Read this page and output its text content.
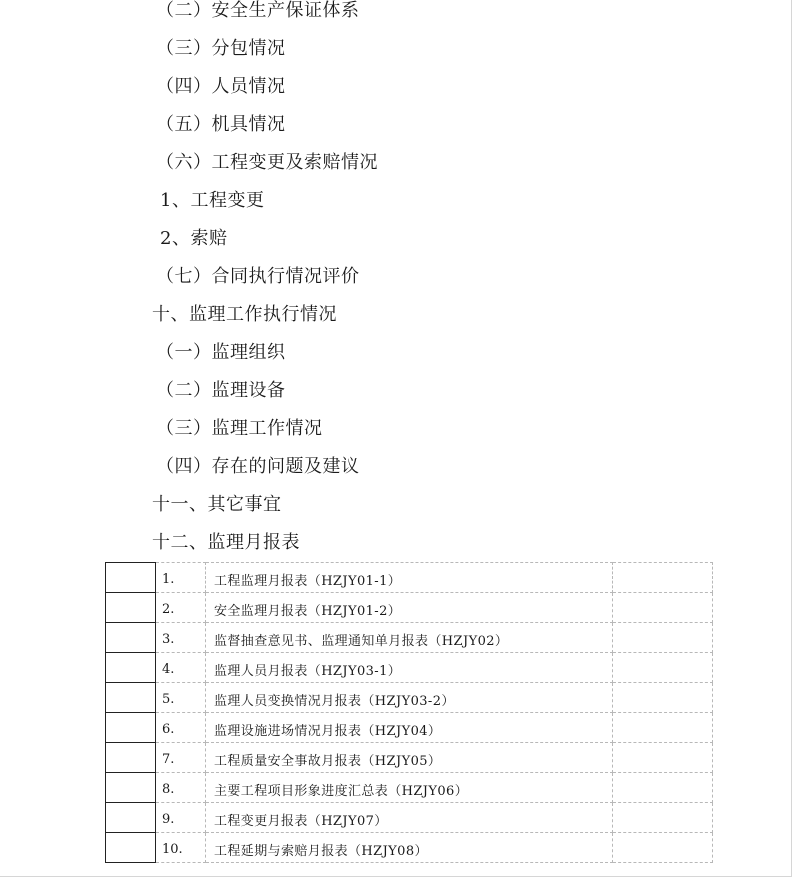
（二）安全生产保证体系
（三）分包情况
（四）人员情况
（五）机具情况
（六）工程变更及索赔情况
1、工程变更
2、索赔
（七）合同执行情况评价
十、监理工作执行情况
（一）监理组织
（二）监理设备
（三）监理工作情况
（四）存在的问题及建议
十一、其它事宜
十二、监理月报表
	1.	工程监理月报表（HZJY01-1）	
	2.	安全监理月报表（HZJY01-2）	
	3.	监督抽查意见书、监理通知单月报表（HZJY02）	
	4.	监理人员月报表（HZJY03-1）	
	5.	监理人员变换情况月报表（HZJY03-2）	
	6.	监理设施进场情况月报表（HZJY04）	
	7.	工程质量安全事故月报表（HZJY05）	
	8.	主要工程项目形象进度汇总表（HZJY06）	
	9.	工程变更月报表（HZJY07）	
	10.	工程延期与索赔月报表（HZJY08）	
